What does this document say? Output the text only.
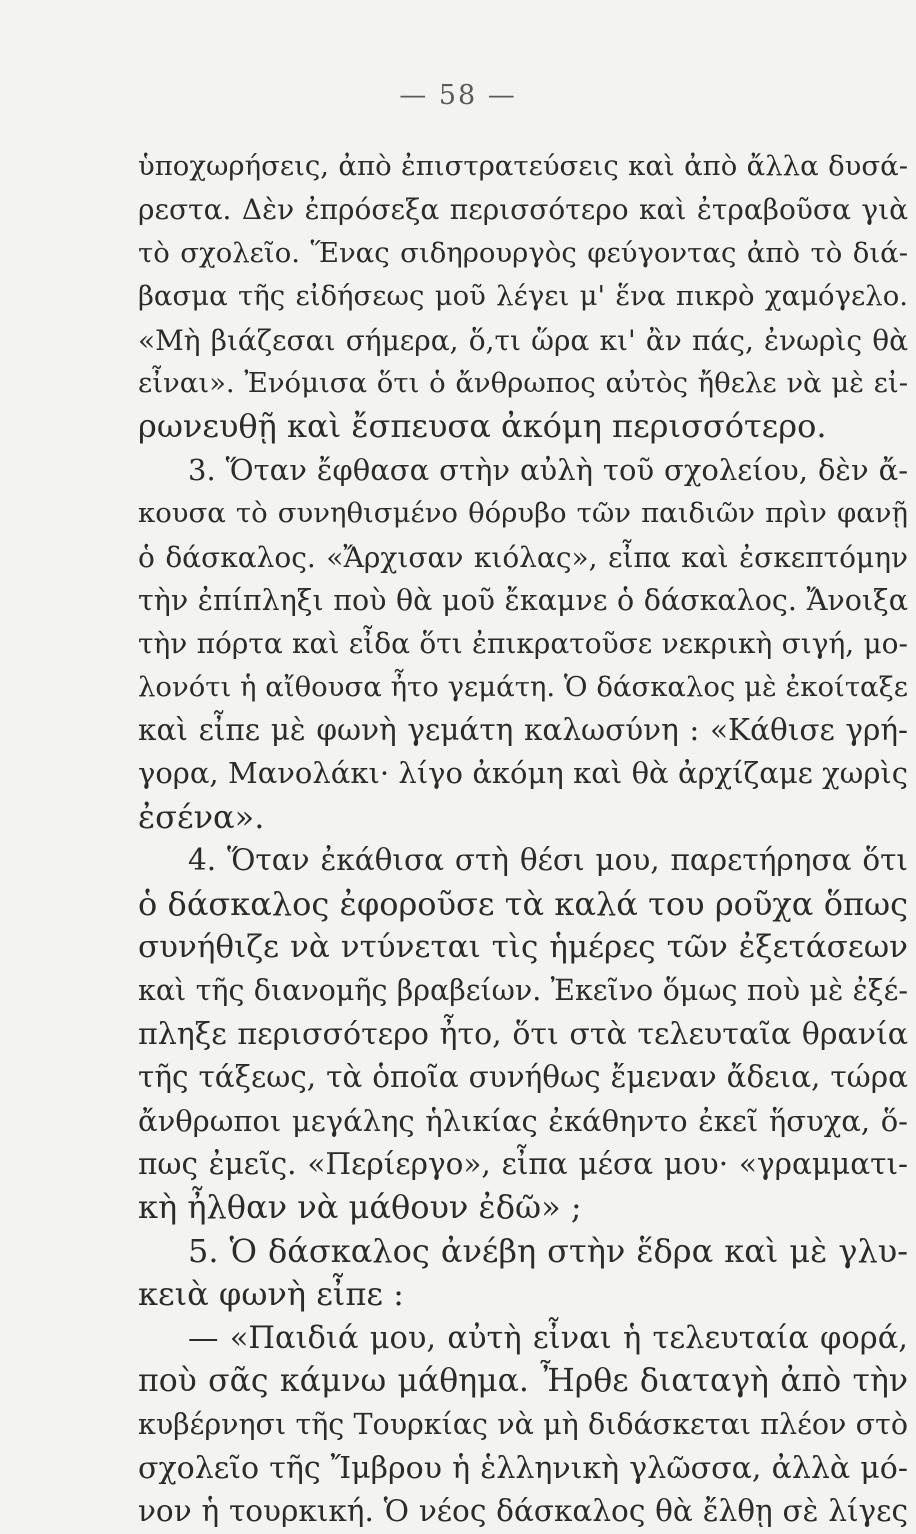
— 58 —
ὑποχωρήσεις, ἀπὸ ἐπιστρατεύσεις καὶ ἀπὸ ἄλλα δυσά-
ρεστα. Δὲν ἐπρόσεξα περισσότερο καὶ ἐτραβοῦσα γιὰ
τὸ σχολεῖο. Ἕνας σιδηρουργὸς φεύγοντας ἀπὸ τὸ διά-
βασμα τῆς εἰδήσεως μοῦ λέγει μ' ἕνα πικρὸ χαμόγελο.
«Μὴ βιάζεσαι σήμερα, ὅ,τι ὥρα κι' ἂν πάς, ἐνωρὶς θὰ
εἶναι». Ἐνόμισα ὅτι ὁ ἄνθρωπος αὐτὸς ἤθελε νὰ μὲ εἰ-
ρωνευθῇ καὶ ἔσπευσα ἀκόμη περισσότερο.
3. Ὅταν ἔφθασα στὴν αὐλὴ τοῦ σχολείου, δὲν ἄ-
κουσα τὸ συνηθισμένο θόρυβο τῶν παιδιῶν πρὶν φανῇ
ὁ δάσκαλος. «Ἄρχισαν κιόλας», εἶπα καὶ ἐσκεπτόμην
τὴν ἐπίπληξι ποὺ θὰ μοῦ ἔκαμνε ὁ δάσκαλος. Ἄνοιξα
τὴν πόρτα καὶ εἶδα ὅτι ἐπικρατοῦσε νεκρικὴ σιγή, μο-
λονότι ἡ αἴθουσα ἦτο γεμάτη. Ὁ δάσκαλος μὲ ἐκοίταξε
καὶ εἶπε μὲ φωνὴ γεμάτη καλωσύνη : «Κάθισε γρή-
γορα, Μανολάκι· λίγο ἀκόμη καὶ θὰ ἀρχίζαμε χωρὶς
ἐσένα».
4. Ὅταν ἐκάθισα στὴ θέσι μου, παρετήρησα ὅτι
ὁ δάσκαλος ἐφοροῦσε τὰ καλά του ροῦχα ὅπως
συνήθιζε νὰ ντύνεται τὶς ἡμέρες τῶν ἐξετάσεων
καὶ τῆς διανομῆς βραβείων. Ἐκεῖνο ὅμως ποὺ μὲ ἐξέ-
πληξε περισσότερο ἦτο, ὅτι στὰ τελευταῖα θρανία
τῆς τάξεως, τὰ ὁποῖα συνήθως ἔμεναν ἄδεια, τώρα
ἄνθρωποι μεγάλης ἡλικίας ἐκάθηντο ἐκεῖ ἥσυχα, ὅ-
πως ἐμεῖς. «Περίεργο», εἶπα μέσα μου· «γραμματι-
κὴ ἦλθαν νὰ μάθουν ἐδῶ» ;
5. Ὁ δάσκαλος ἀνέβη στὴν ἕδρα καὶ μὲ γλυ-
κειὰ φωνὴ εἶπε :
— «Παιδιά μου, αὐτὴ εἶναι ἡ τελευταία φορά,
ποὺ σᾶς κάμνω μάθημα. Ἦρθε διαταγὴ ἀπὸ τὴν
κυβέρνησι τῆς Τουρκίας νὰ μὴ διδάσκεται πλέον στὸ
σχολεῖο τῆς Ἴμβρου ἡ ἑλληνικὴ γλῶσσα, ἀλλὰ μό-
νον ἡ τουρκική. Ὁ νέος δάσκαλος θὰ ἔλθῃ σὲ λίγες
